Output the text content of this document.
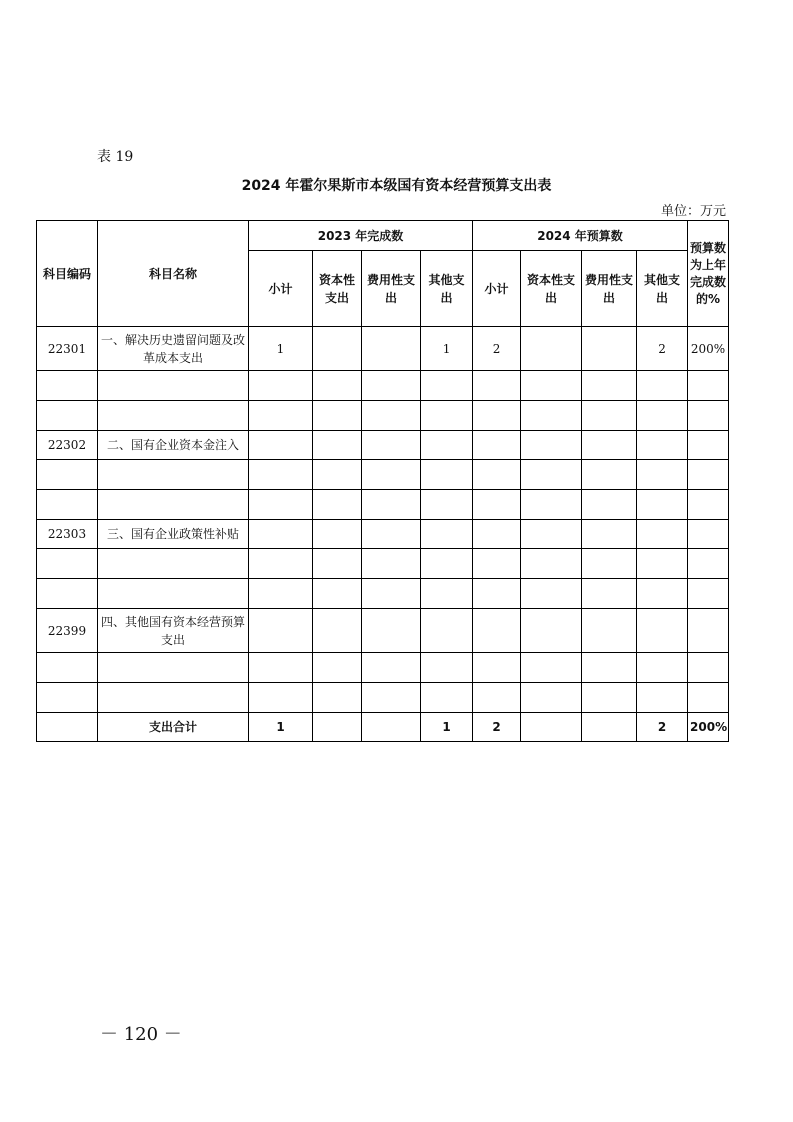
表 19
2024 年霍尔果斯市本级国有资本经营预算支出表
单位：万元
科目编码	科目名称	2023 年完成数				2024 年预算数				预算数为上年完成数的%
		小计	资本性支出	费用性支出	其他支出	小计	资本性支出	费用性支出	其他支出	
22301	一、解决历史遗留问题及改革成本支出	1			1	2			2	200%

22302	二、国有企业资本金注入									

22303	三、国有企业政策性补贴									

22399	四、其他国有资本经营预算支出									

	支出合计	1			1	2			2	200%
－ 120 －
